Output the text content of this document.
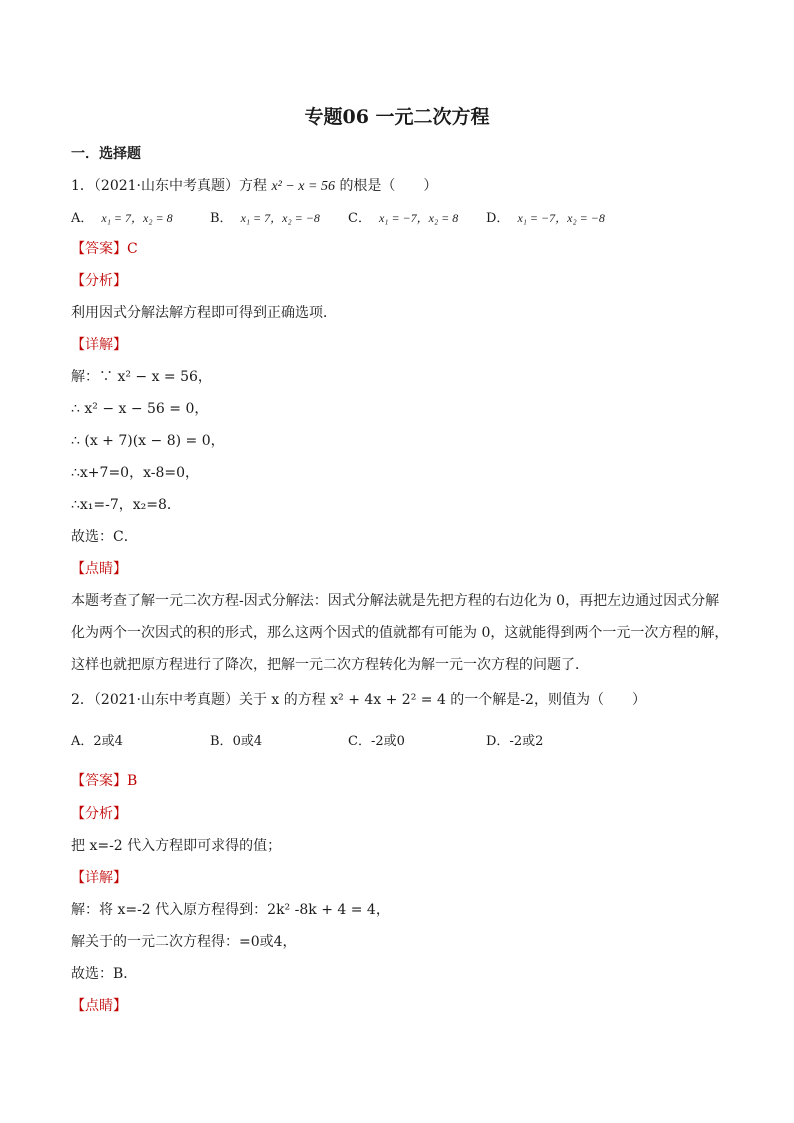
专题06 一元二次方程
一．选择题
1．（2021·山东中考真题）方程 x² − x = 56 的根是（　　）
A． x₁ = 7，x₂ = 8	B． x₁ = 7，x₂ = −8 C． x₁ = −7，x₂ = 8 D． x₁ = −7，x₂ = −8
【答案】C
【分析】
利用因式分解法解方程即可得到正确选项．
【详解】
解：∵ x² − x = 56，
∴ x² − x − 56 = 0，
∴ (x + 7)(x − 8) = 0，
∴x+7=0，x-8=0，
∴x₁=-7，x₂=8．
故选：C．
【点睛】
本题考查了解一元二次方程-因式分解法：因式分解法就是先把方程的右边化为 0，再把左边通过因式分解
化为两个一次因式的积的形式，那么这两个因式的值就都有可能为 0，这就能得到两个一元一次方程的解，
这样也就把原方程进行了降次，把解一元二次方程转化为解一元一次方程的问题了．
2．（2021·山东中考真题）关于 x 的方程 x² + 4x + 2² = 4 的一个解是-2，则值为（　　）
A．2或4	B．0或4	C．-2或0	D．-2或2
【答案】B
【分析】
把 x=-2 代入方程即可求得的值；
【详解】
解：将 x=-2 代入原方程得到：2k² -8k + 4 = 4，
解关于的一元二次方程得：=0或4，
故选：B．
【点睛】
